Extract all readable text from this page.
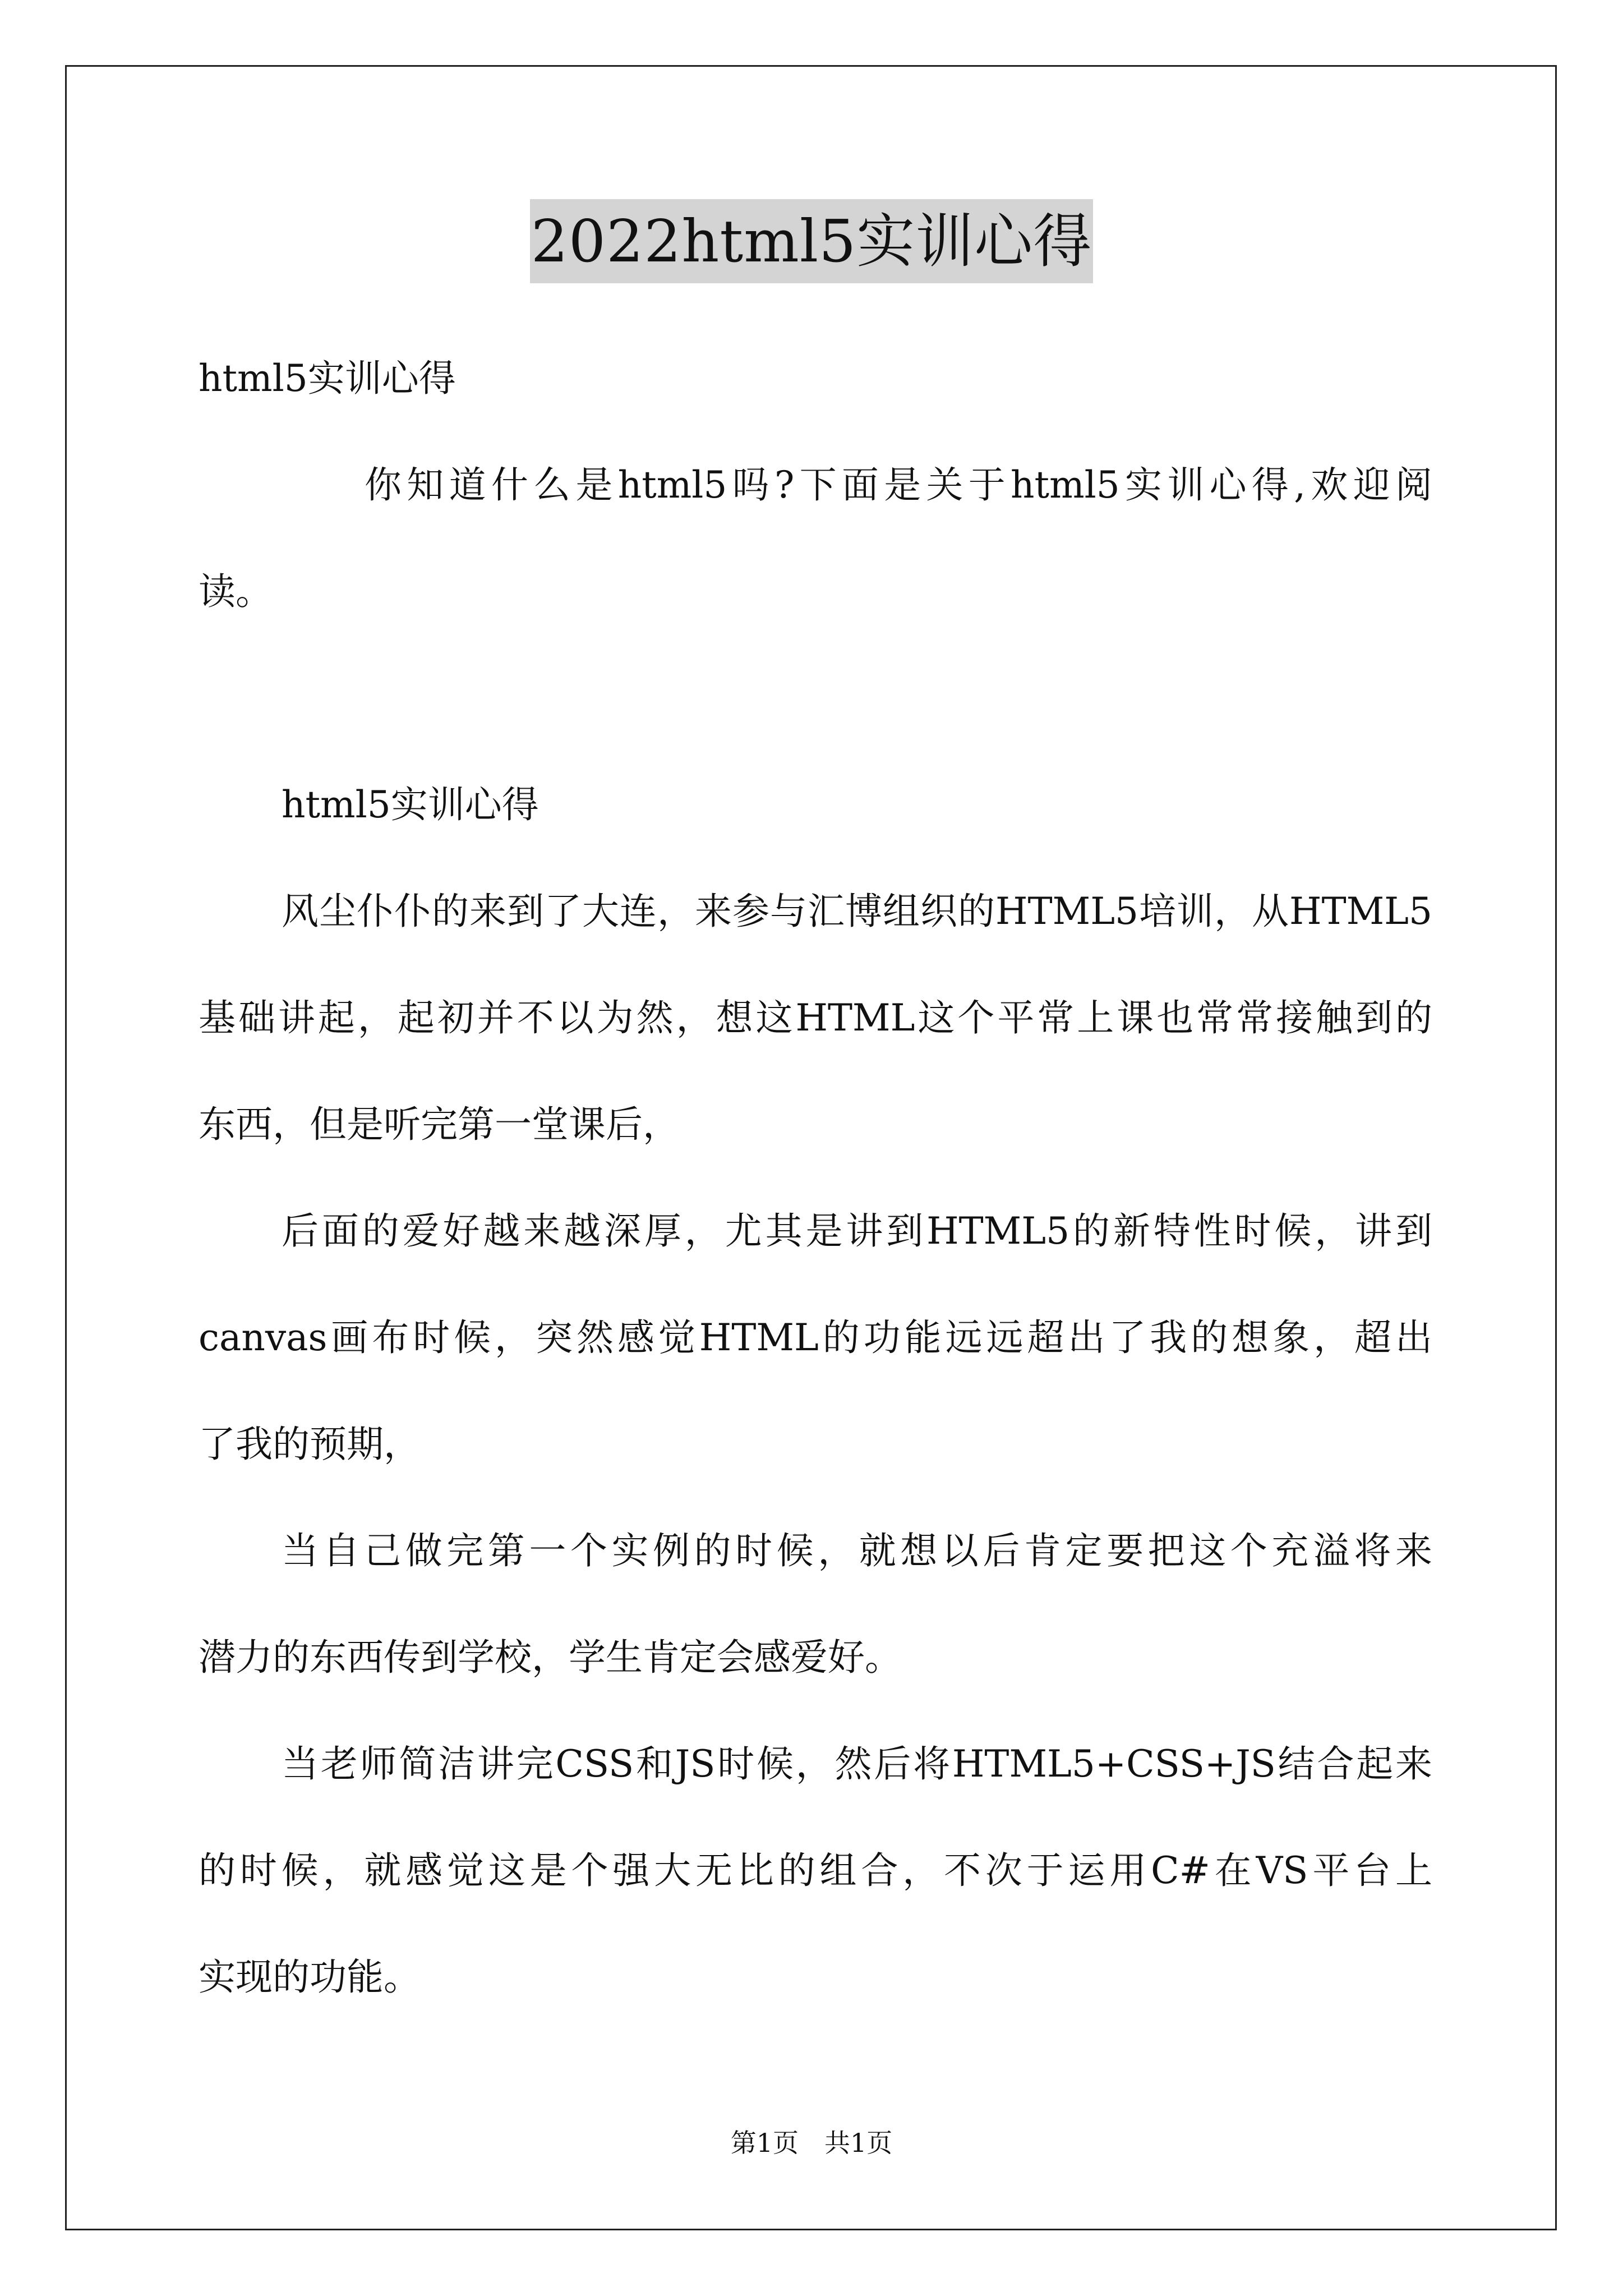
2022html5实训心得
html5实训心得
你知道什么是html5吗?下面是关于html5实训心得,欢迎阅
读。
html5实训心得
风尘仆仆的来到了大连，来参与汇博组织的HTML5培训，从HTML5
基础讲起，起初并不以为然，想这HTML这个平常上课也常常接触到的
东西，但是听完第一堂课后，
后面的爱好越来越深厚，尤其是讲到HTML5的新特性时候，讲到
canvas画布时候，突然感觉HTML的功能远远超出了我的想象，超出
了我的预期，
当自己做完第一个实例的时候，就想以后肯定要把这个充溢将来
潜力的东西传到学校，学生肯定会感爱好。
当老师简洁讲完CSS和JS时候，然后将HTML5+CSS+JS结合起来
的时候，就感觉这是个强大无比的组合，不次于运用C#在VS平台上
实现的功能。
第1页　共1页
